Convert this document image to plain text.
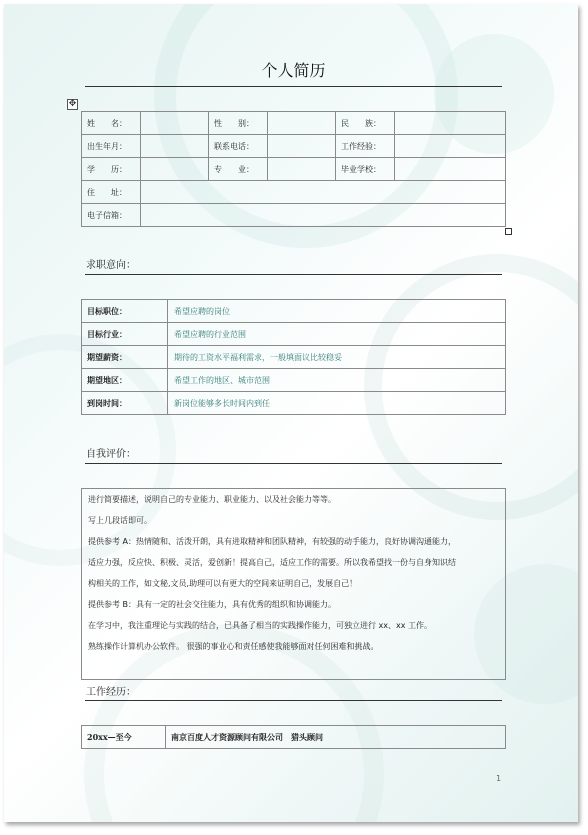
个人简历
✥
姓　　名：		性　　别：		民　　族：	
出生年月：		联系电话：		工作经验：	
学　　历：		专　　业：		毕业学校：	
住　　址：					
电子信箱：					
求职意向：
目标职位：	希望应聘的岗位
目标行业：	希望应聘的行业范围
期望薪资：	期待的工资水平福利需求，一般填面议比较稳妥
期望地区：	希望工作的地区、城市范围
到岗时间：	新岗位能够多长时间内到任
自我评价：

进行简要描述，说明自己的专业能力、职业能力、以及社会能力等等。

写上几段话即可。

提供参考 A：热情随和、活泼开朗，具有进取精神和团队精神，有较强的动手能力，良好协调沟通能力，

适应力强，反应快、积极、灵活，爱创新！提高自己，适应工作的需要。所以我希望找一份与自身知识结

构相关的工作，如文秘,文员,助理可以有更大的空间来证明自己，发展自己！

提供参考 B：具有一定的社会交往能力，具有优秀的组织和协调能力。

在学习中，我注重理论与实践的结合，已具备了相当的实践操作能力，可独立进行 xx、xx 工作。

熟练操作计算机办公软件。 很强的事业心和责任感使我能够面对任何困难和挑战。

工作经历：
20xx—至今	南京百度人才资源顾问有限公司　猎头顾问
1
